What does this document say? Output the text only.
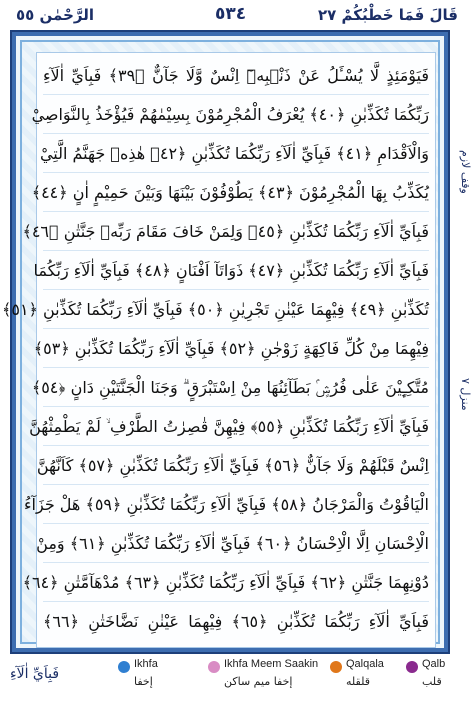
الرَّحْمٰن ٥٥	٥٣٤	قَالَ فَمَا خَطْبُكُمْ ٢٧
فَيَوْمَئِذٍ لَّا يُسْـَٔلُ عَنْ ذَنْۢبِهٖٓ اِنْسٌ وَّلَا جَآنٌّ ﴿٣٩﴾ فَبِاَيِّ اٰلَآءِ
رَبِّكُمَا تُكَذِّبٰنِ ﴿٤٠﴾ يُعْرَفُ الْمُجْرِمُوْنَ بِسِيْمٰهُمْ فَيُؤْخَذُ بِالنَّوَاصِيْ
وَالْاَقْدَامِ ﴿٤١﴾ فَبِاَيِّ اٰلَآءِ رَبِّكُمَا تُكَذِّبٰنِ ﴿٤٢﴾ هٰذِهٖ جَهَنَّمُ الَّتِيْ
يُكَذِّبُ بِهَا الْمُجْرِمُوْنَ ﴿٤٣﴾ يَطُوْفُوْنَ بَيْنَهَا وَبَيْنَ حَمِيْمٍ اٰنٍ ﴿٤٤﴾
فَبِاَيِّ اٰلَآءِ رَبِّكُمَا تُكَذِّبٰنِ ﴿٤٥﴾ وَلِمَنْ خَافَ مَقَامَ رَبِّهٖ جَنَّتٰنِ ﴿٤٦﴾
فَبِاَيِّ اٰلَآءِ رَبِّكُمَا تُكَذِّبٰنِ ﴿٤٧﴾ ذَوَاتَآ اَفْنَانٍ ﴿٤٨﴾ فَبِاَيِّ اٰلَآءِ رَبِّكُمَا
تُكَذِّبٰنِ ﴿٤٩﴾ فِيْهِمَا عَيْنٰنِ تَجْرِيٰنِ ﴿٥٠﴾ فَبِاَيِّ اٰلَآءِ رَبِّكُمَا تُكَذِّبٰنِ ﴿٥١﴾
فِيْهِمَا مِنْ كُلِّ فَاكِهَةٍ زَوْجٰنِ ﴿٥٢﴾ فَبِاَيِّ اٰلَآءِ رَبِّكُمَا تُكَذِّبٰنِ ﴿٥٣﴾
مُتَّكِـِٕيْنَ عَلٰى فُرُشٍۢ بَطَآئِنُهَا مِنْ اِسْتَبْرَقٍ ۗ وَجَنَا الْجَنَّتَيْنِ دَانٍ ﴿٥٤﴾
فَبِاَيِّ اٰلَآءِ رَبِّكُمَا تُكَذِّبٰنِ ﴿٥٥﴾ فِيْهِنَّ قٰصِرٰتُ الطَّرْفِ ۙ لَمْ يَطْمِثْهُنَّ
اِنْسٌ قَبْلَهُمْ وَلَا جَآنٌّ ﴿٥٦﴾ فَبِاَيِّ اٰلَآءِ رَبِّكُمَا تُكَذِّبٰنِ ﴿٥٧﴾ كَاَنَّهُنَّ
الْيَاقُوْتُ وَالْمَرْجَانُ ﴿٥٨﴾ فَبِاَيِّ اٰلَآءِ رَبِّكُمَا تُكَذِّبٰنِ ﴿٥٩﴾ هَلْ جَزَآءُ
الْاِحْسَانِ اِلَّا الْاِحْسَانُ ﴿٦٠﴾ فَبِاَيِّ اٰلَآءِ رَبِّكُمَا تُكَذِّبٰنِ ﴿٦١﴾ وَمِنْ
دُوْنِهِمَا جَنَّتٰنِ ﴿٦٢﴾ فَبِاَيِّ اٰلَآءِ رَبِّكُمَا تُكَذِّبٰنِ ﴿٦٣﴾ مُدْهَآمَّتٰنِ ﴿٦٤﴾
فَبِاَيِّ اٰلَآءِ رَبِّكُمَا تُكَذِّبٰنِ ﴿٦٥﴾ فِيْهِمَا عَيْنٰنِ نَضَّاخَتٰنِ ﴿٦٦﴾
وقف لازم
منزل ٧
فَبِاَيِّ اٰلَآءِ
Ikhfa
إخفا
Ikhfa Meem Saakin
إخفا ميم ساكن
Qalqala
قلقله
Qalb
قلب
